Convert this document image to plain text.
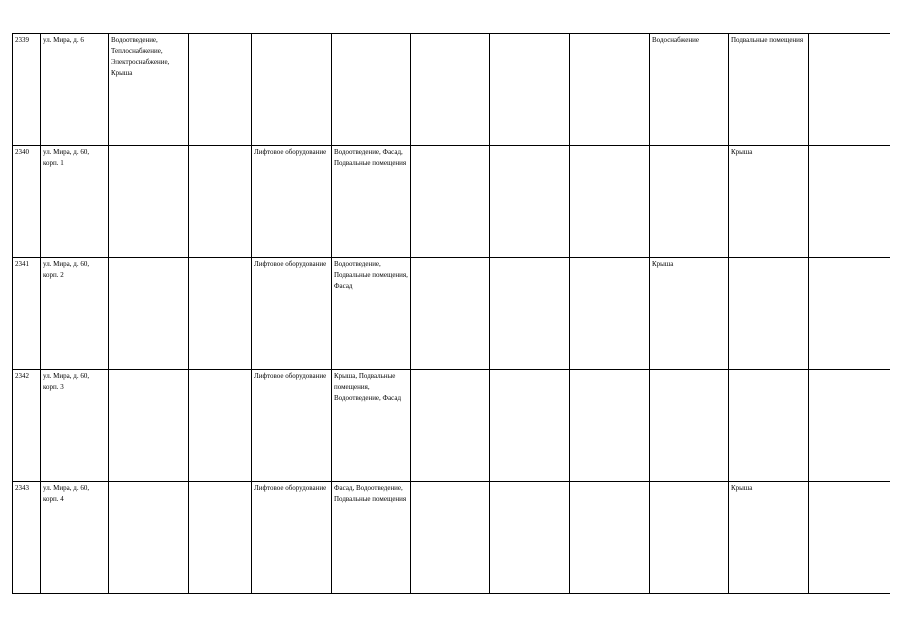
2339	ул. Мира, д. 6	Водоотведение, Теплоснабжение, Электроснабжение, Крыша							Водоснабжение	Подвальные помещения	
2340	ул. Мира, д. 60, корп. 1			Лифтовое оборудование	Водоотведение, Фасад, Подвальные помещения					Крыша	
2341	ул. Мира, д. 60, корп. 2			Лифтовое оборудование	Водоотведение, Подвальные помещения, Фасад				Крыша		
2342	ул. Мира, д. 60, корп. 3			Лифтовое оборудование	Крыша, Подвальные помещения, Водоотведение, Фасад						
2343	ул. Мира, д. 60, корп. 4			Лифтовое оборудование	Фасад, Водоотведение, Подвальные помещения					Крыша	
